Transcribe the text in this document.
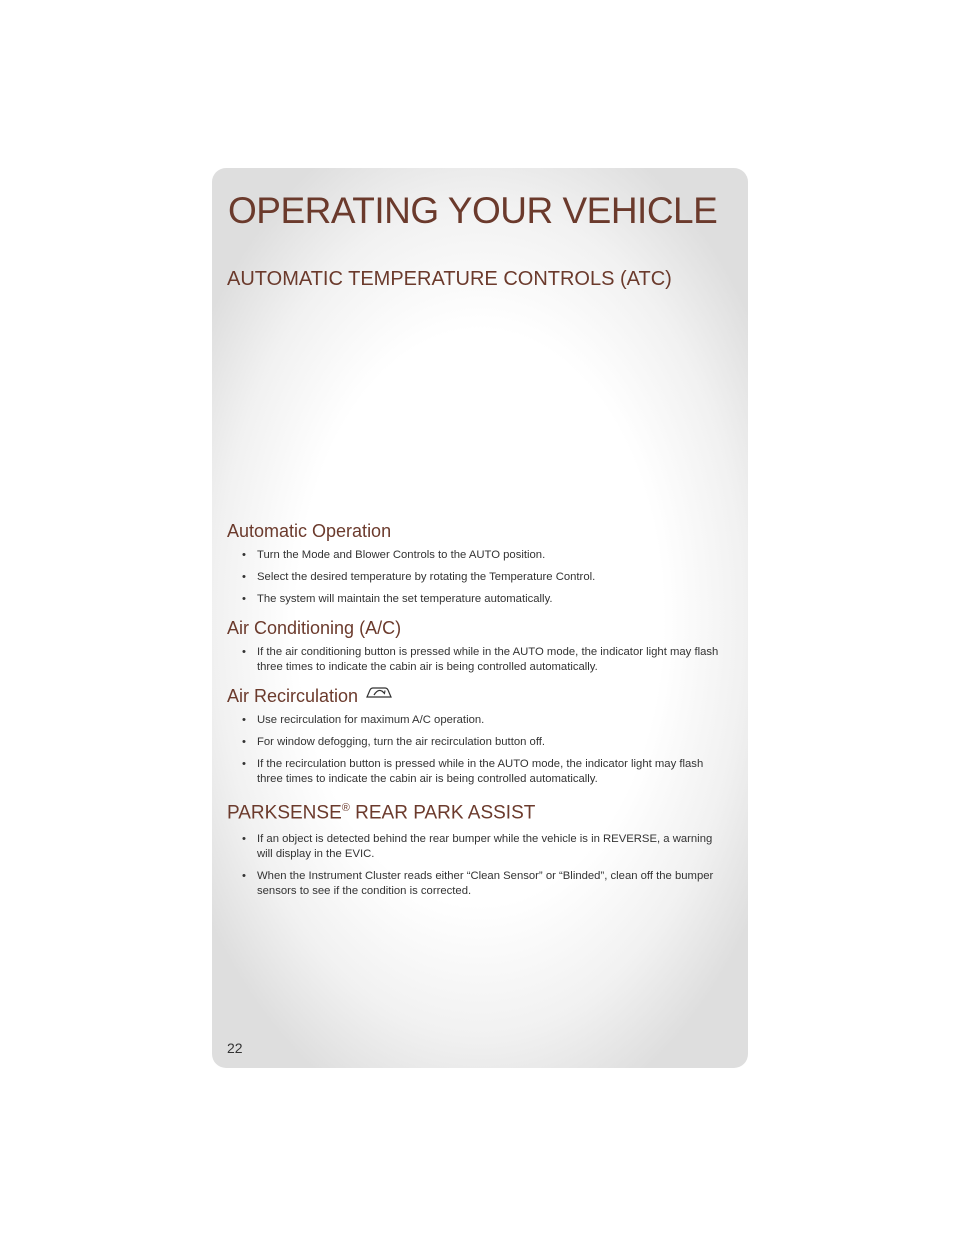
OPERATING YOUR VEHICLE
AUTOMATIC TEMPERATURE CONTROLS (ATC)
Automatic Operation
• Turn the Mode and Blower Controls to the AUTO position.
• Select the desired temperature by rotating the Temperature Control.
• The system will maintain the set temperature automatically.
Air Conditioning (A/C)
• If the air conditioning button is pressed while in the AUTO mode, the indicator light may flash three times to indicate the cabin air is being controlled automatically.
Air Recirculation
• Use recirculation for maximum A/C operation.
• For window defogging, turn the air recirculation button off.
• If the recirculation button is pressed while in the AUTO mode, the indicator light may flash three times to indicate the cabin air is being controlled automatically.
PARKSENSE® REAR PARK ASSIST
• If an object is detected behind the rear bumper while the vehicle is in REVERSE, a warning will display in the EVIC.
• When the Instrument Cluster reads either “Clean Sensor” or “Blinded”, clean off the bumper sensors to see if the condition is corrected.
22
